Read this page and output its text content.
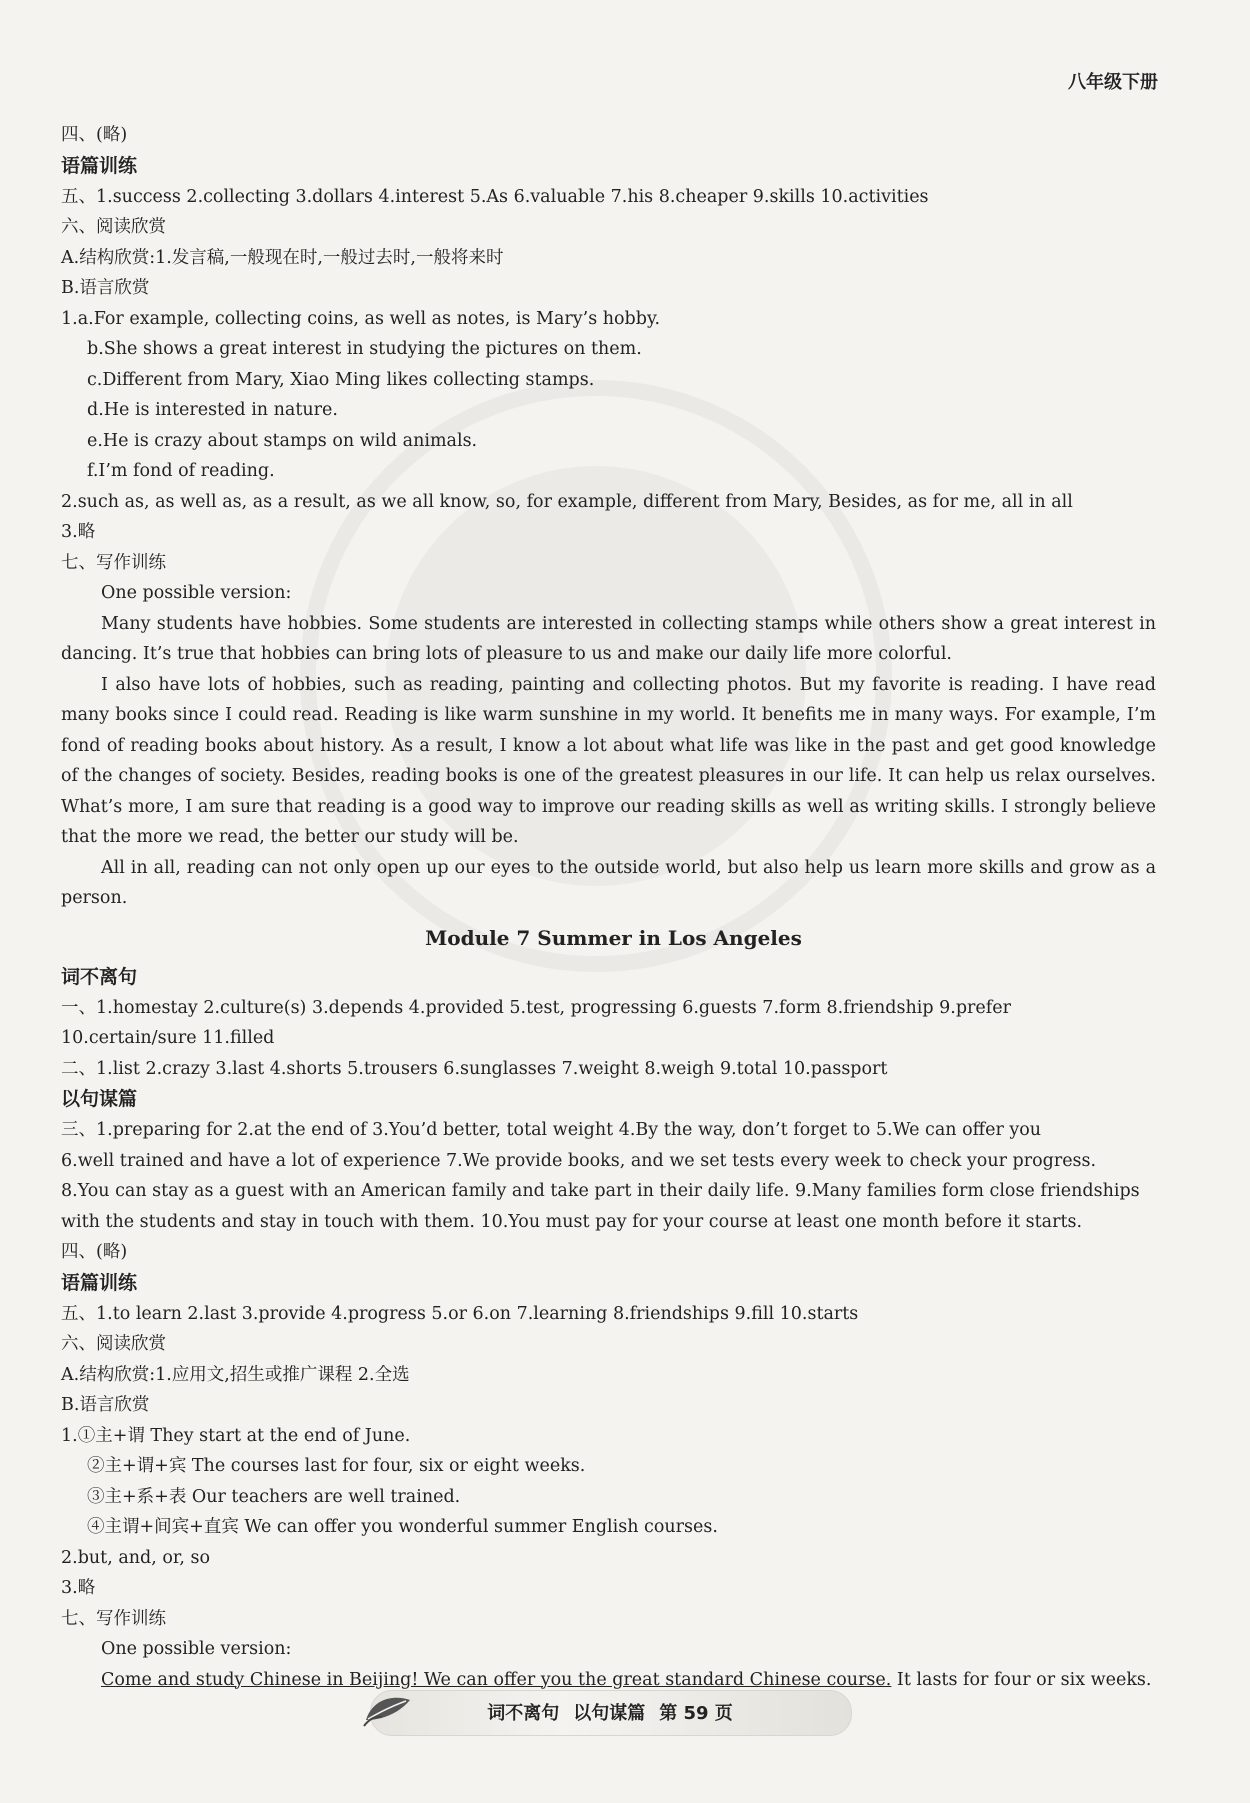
八年级下册
四、(略)
语篇训练
五、1.success 2.collecting 3.dollars 4.interest 5.As 6.valuable 7.his 8.cheaper 9.skills 10.activities
六、阅读欣赏
A.结构欣赏:1.发言稿,一般现在时,一般过去时,一般将来时
B.语言欣赏
1.a.For example, collecting coins, as well as notes, is Mary’s hobby.
b.She shows a great interest in studying the pictures on them.
c.Different from Mary, Xiao Ming likes collecting stamps.
d.He is interested in nature.
e.He is crazy about stamps on wild animals.
f.I’m fond of reading.
2.such as, as well as, as a result, as we all know, so, for example, different from Mary, Besides, as for me, all in all
3.略
七、写作训练
One possible version:
Many students have hobbies. Some students are interested in collecting stamps while others show a great interest in dancing. It’s true that hobbies can bring lots of pleasure to us and make our daily life more colorful.
I also have lots of hobbies, such as reading, painting and collecting photos. But my favorite is reading. I have read many books since I could read. Reading is like warm sunshine in my world. It benefits me in many ways. For example, I’m fond of reading books about history. As a result, I know a lot about what life was like in the past and get good knowledge of the changes of society. Besides, reading books is one of the greatest pleasures in our life. It can help us relax ourselves. What’s more, I am sure that reading is a good way to improve our reading skills as well as writing skills. I strongly believe that the more we read, the better our study will be.
All in all, reading can not only open up our eyes to the outside world, but also help us learn more skills and grow as a person.
Module 7 Summer in Los Angeles
词不离句
一、1.homestay 2.culture(s) 3.depends 4.provided 5.test, progressing 6.guests 7.form 8.friendship 9.prefer
10.certain/sure 11.filled
二、1.list 2.crazy 3.last 4.shorts 5.trousers 6.sunglasses 7.weight 8.weigh 9.total 10.passport
以句谋篇
三、1.preparing for 2.at the end of 3.You’d better, total weight 4.By the way, don’t forget to 5.We can offer you
6.well trained and have a lot of experience 7.We provide books, and we set tests every week to check your progress.
8.You can stay as a guest with an American family and take part in their daily life. 9.Many families form close friendships
with the students and stay in touch with them. 10.You must pay for your course at least one month before it starts.
四、(略)
语篇训练
五、1.to learn 2.last 3.provide 4.progress 5.or 6.on 7.learning 8.friendships 9.fill 10.starts
六、阅读欣赏
A.结构欣赏:1.应用文,招生或推广课程 2.全选
B.语言欣赏
1.①主+谓 They start at the end of June.
②主+谓+宾 The courses last for four, six or eight weeks.
③主+系+表 Our teachers are well trained.
④主谓+间宾+直宾 We can offer you wonderful summer English courses.
2.but, and, or, so
3.略
七、写作训练
One possible version:
Come and study Chinese in Beijing! We can offer you the great standard Chinese course. It lasts for four or six weeks.
词不离句 以句谋篇 第 59 页
